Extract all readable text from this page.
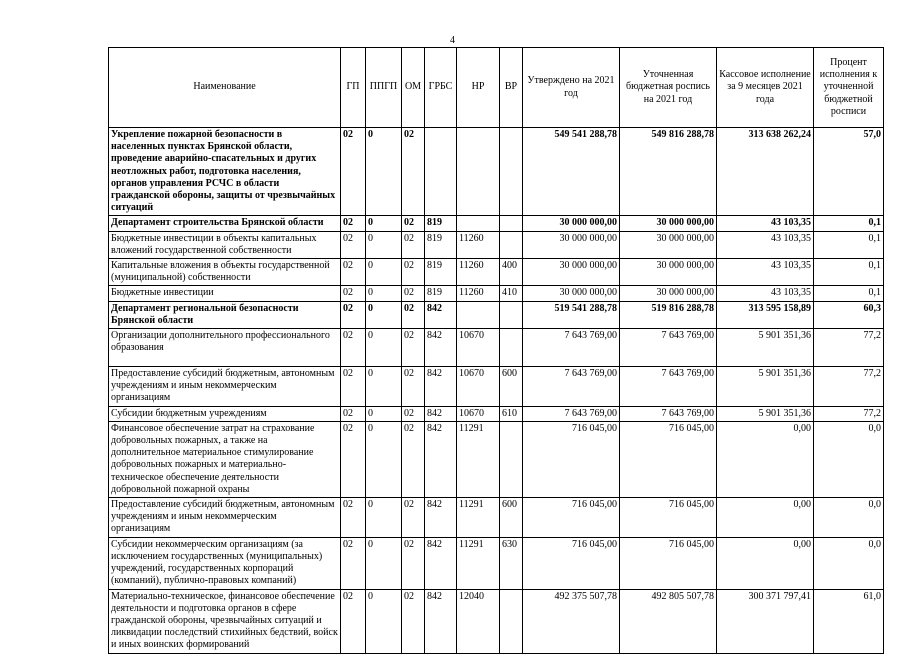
4
Наименование	ГП	ППГП	ОМ	ГРБС	НР	ВР	Утверждено на 2021 год	Уточненная бюджетная роспись на 2021 год	Кассовое исполнение за 9 месяцев 2021 года	Процент исполнения к уточненной бюджетной росписи
Укрепление пожарной безопасности в населенных пунктах Брянской области, проведение аварийно-спасательных и других неотложных работ, подготовка населения, органов управления РСЧС в области гражданской обороны, защиты от чрезвычайных ситуаций	02	0	02				549 541 288,78	549 816 288,78	313 638 262,24	57,0
Департамент строительства Брянской области	02	0	02	819			30 000 000,00	30 000 000,00	43 103,35	0,1
Бюджетные инвестиции в объекты капитальных вложений государственной собственности	02	0	02	819	11260		30 000 000,00	30 000 000,00	43 103,35	0,1
Капитальные вложения в объекты государственной (муниципальной) собственности	02	0	02	819	11260	400	30 000 000,00	30 000 000,00	43 103,35	0,1
Бюджетные инвестиции	02	0	02	819	11260	410	30 000 000,00	30 000 000,00	43 103,35	0,1
Департамент региональной безопасности Брянской области	02	0	02	842			519 541 288,78	519 816 288,78	313 595 158,89	60,3
Организации дополнительного профессионального образования	02	0	02	842	10670		7 643 769,00	7 643 769,00	5 901 351,36	77,2
Предоставление субсидий бюджетным, автономным учреждениям и иным некоммерческим организациям	02	0	02	842	10670	600	7 643 769,00	7 643 769,00	5 901 351,36	77,2
Субсидии бюджетным учреждениям	02	0	02	842	10670	610	7 643 769,00	7 643 769,00	5 901 351,36	77,2
Финансовое обеспечение затрат на страхование добровольных пожарных, а также на дополнительное материальное стимулирование добровольных пожарных и материально-техническое обеспечение деятельности добровольной пожарной охраны	02	0	02	842	11291		716 045,00	716 045,00	0,00	0,0
Предоставление субсидий бюджетным, автономным учреждениям и иным некоммерческим организациям	02	0	02	842	11291	600	716 045,00	716 045,00	0,00	0,0
Субсидии некоммерческим организациям (за исключением государственных (муниципальных) учреждений, государственных корпораций (компаний), публично-правовых компаний)	02	0	02	842	11291	630	716 045,00	716 045,00	0,00	0,0
Материально-техническое, финансовое обеспечение деятельности и подготовка органов в сфере гражданской обороны, чрезвычайных ситуаций и ликвидации последствий стихийных бедствий, войск и иных воинских формирований	02	0	02	842	12040		492 375 507,78	492 805 507,78	300 371 797,41	61,0
